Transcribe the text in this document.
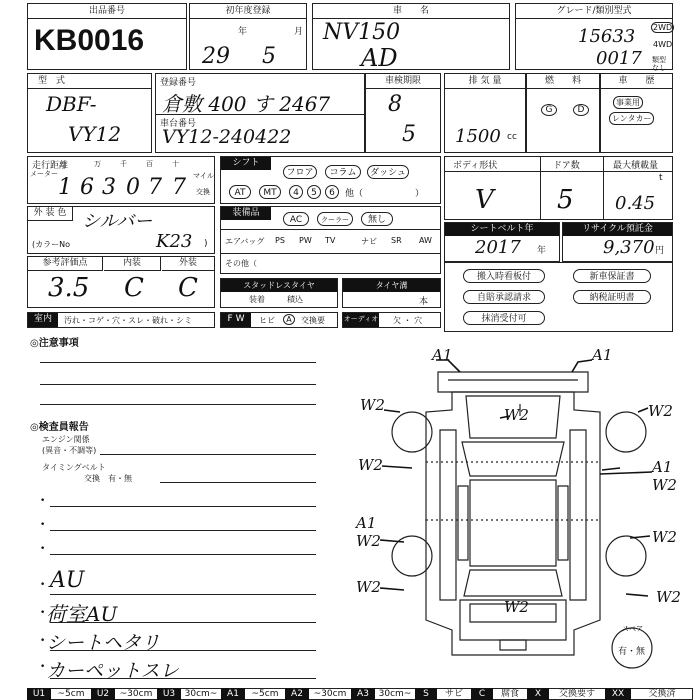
出品番号
KB0016
初年度登録
年	月
29 5
車　　名
NV150
AD
グレード/類別型式
15633
0017
2WD
4WD
類型なし
型　式
DBF-
VY12
登録番号
倉敷 400 す 2467
車台番号
VY12-240422
車検期限
8
5
排 気 量
1500 cc
燃　　料
G	D
車　　歴
事業用
レンタカー
走行距離
メーター
万	千	百	十
マイル
交換
1 6 3 0 7 7
シフト
フロア	コラム	ダッシュ
AT	MT	4	5	6	他（	）
ボディ形状	ドア数	最大積載量
t
V 5 0.45
外 装 色 シルバー
(カラーNo	K23 )
装備品
AC	クーラー	無し
エアバッグ PS PW TV	ナビ SR AW
その他（
シートベルト年
2017 年
リサイクル預託金
9,370 円
参考評価点	内装	外装
3.5 C C	スタッドレスタイヤ
装着	積込
タイヤ溝
本
搬入時看板付	新車保証書
自賠承認請求	納税証明書
抹消受付可
室内	汚れ・コゲ・穴・スレ・破れ・シミ	F W	ヒビ	A	交換要	オーディオ 欠 ・ 穴
◎注意事項
◎検査員報告
エンジン関係
(異音・不調等)
タイミングベルト
交換　有・無
•
•
•
•
•
•
•
AU
荷室AU
シートヘタリ
カーペットスレ
A1	A1
W2
W2	W2
W2	A1
W2
A1
W2	W2
W2
W2
W2
スペア
有・無
U1	~5cm	U2	~30cm	U3	30cm~	A1	~5cm	A2	~30cm	A3	30cm~	S	サビ	C	腐食	X	交換要す	XX	交換済
